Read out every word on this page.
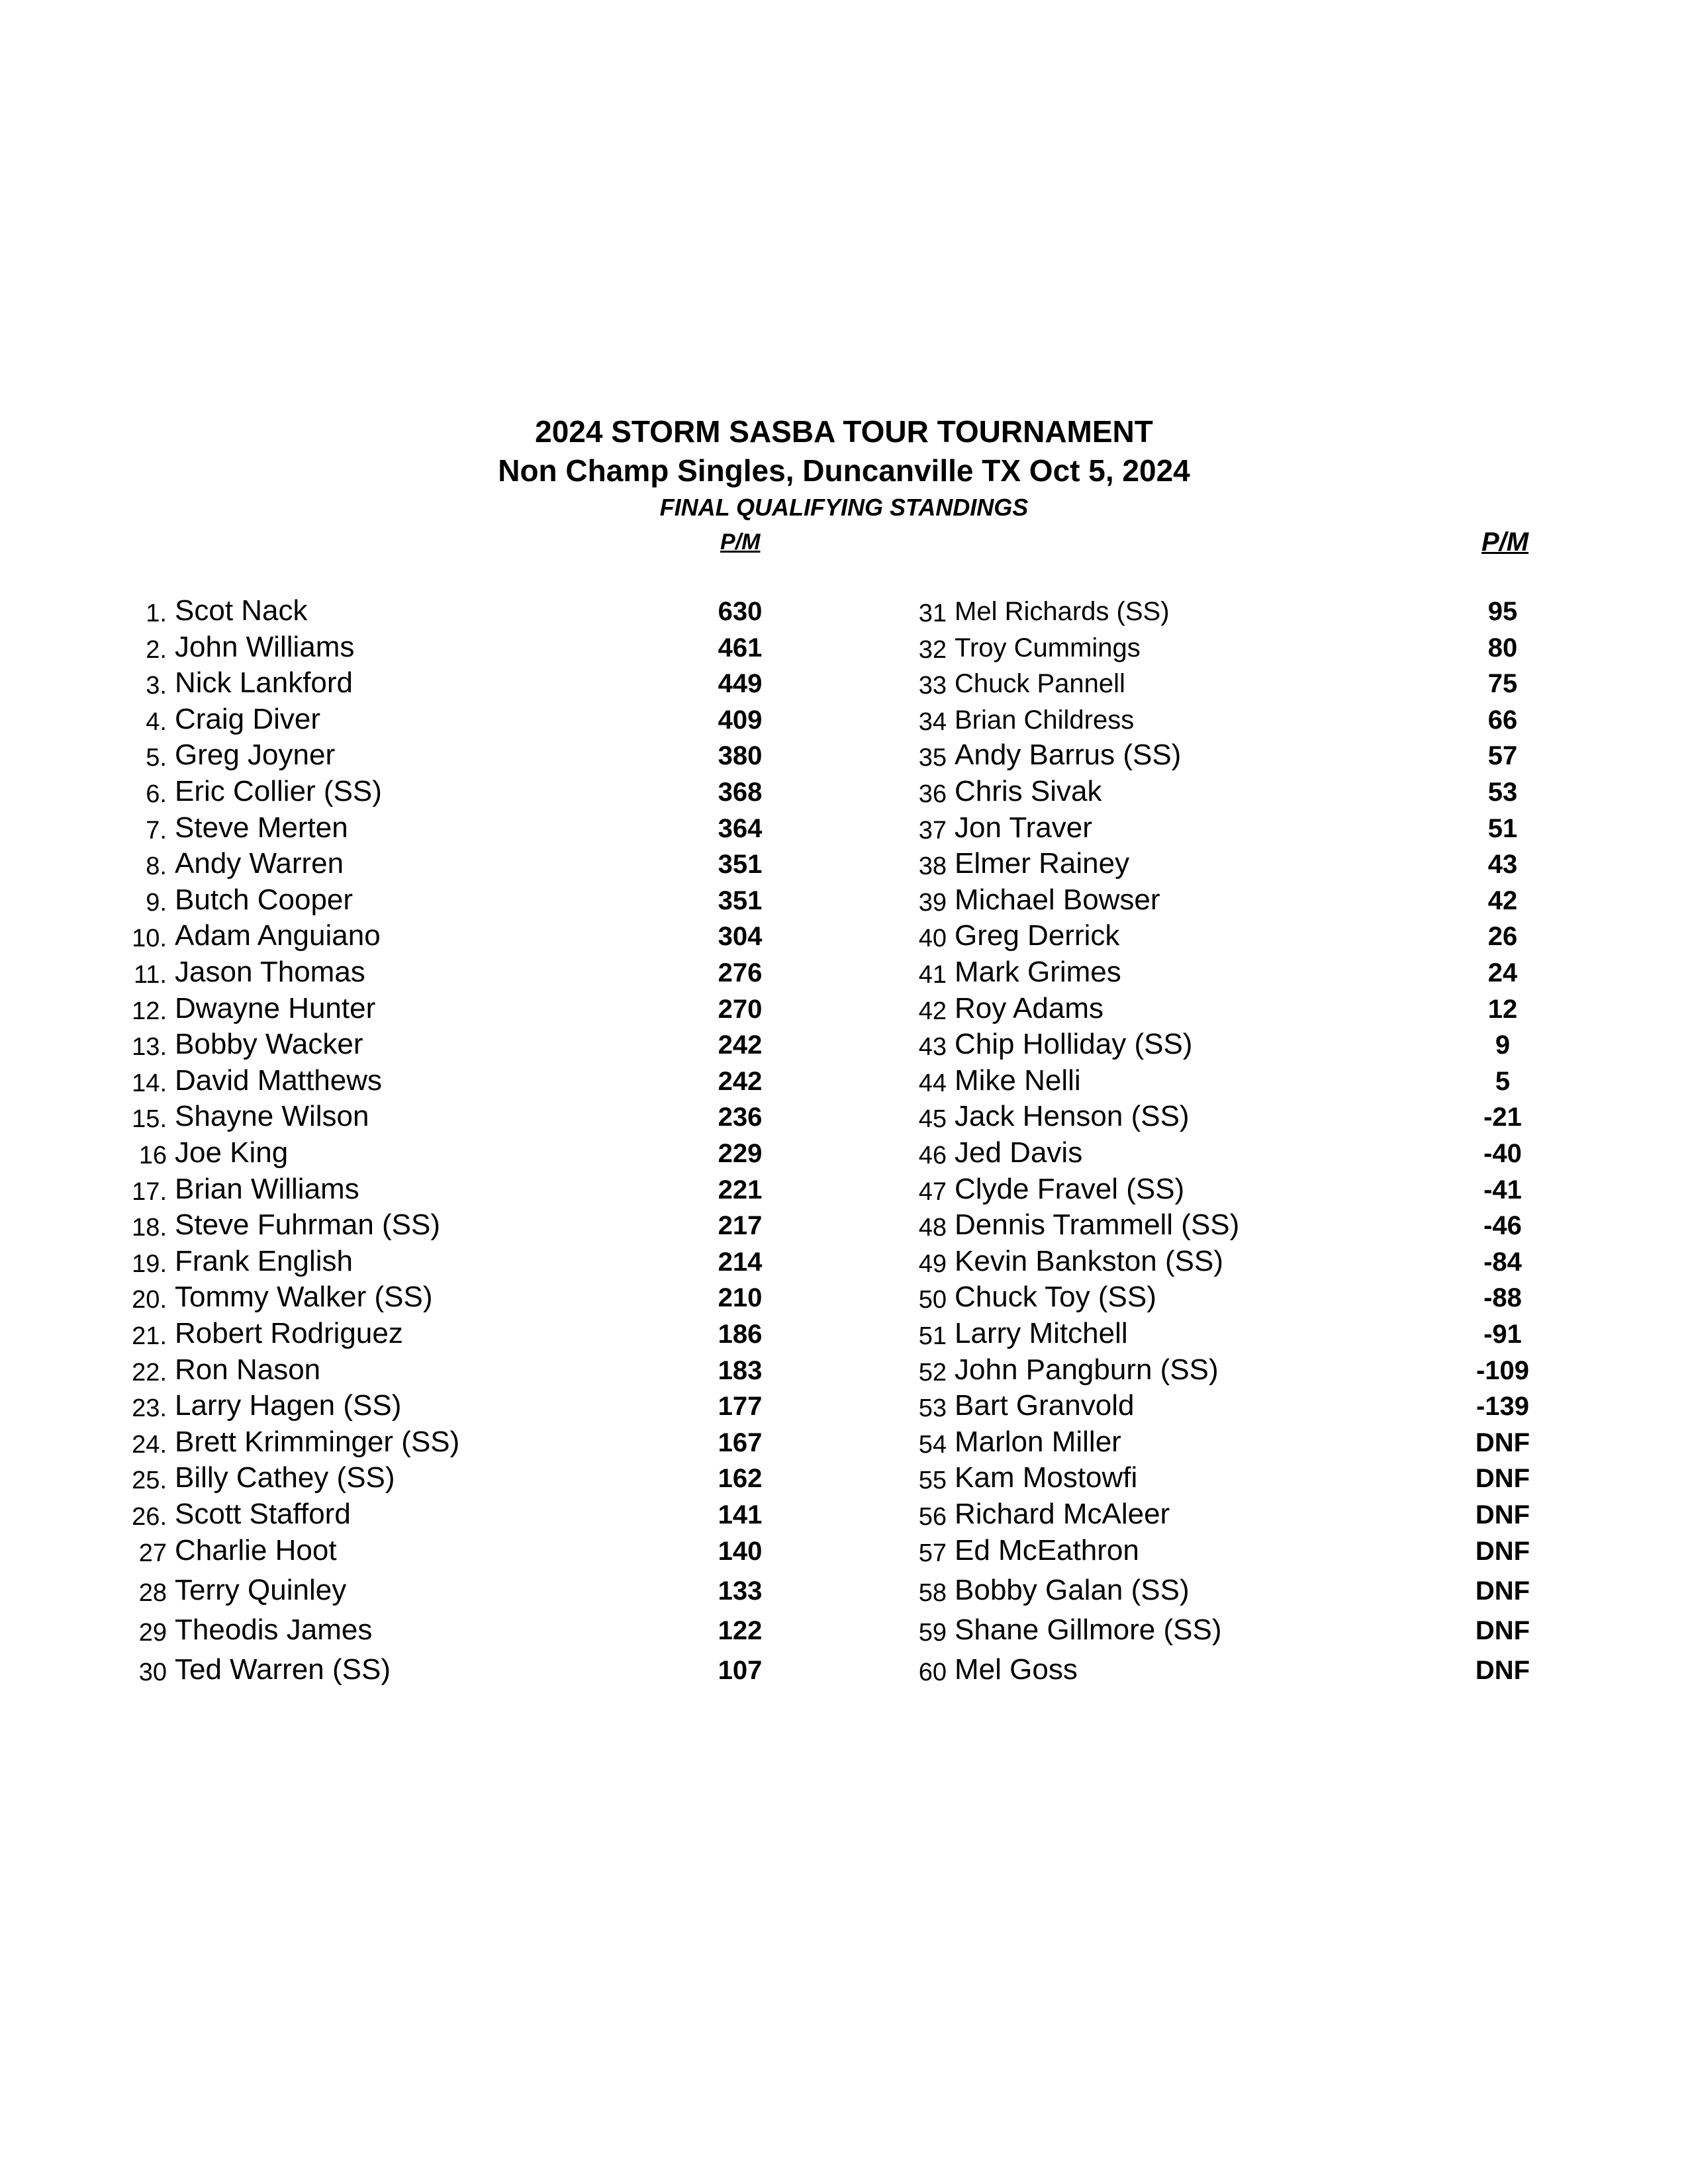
2024 STORM SASBA TOUR TOURNAMENT
Non Champ Singles, Duncanville TX Oct 5, 2024
FINAL QUALIFYING STANDINGS
P/M	P/M
1. Scot Nack	630
2. John Williams	461
3. Nick Lankford	449
4. Craig Diver	409
5. Greg Joyner	380
6. Eric Collier (SS)	368
7. Steve Merten	364
8. Andy Warren	351
9. Butch Cooper	351
10. Adam Anguiano	304
11. Jason Thomas	276
12. Dwayne Hunter	270
13. Bobby Wacker	242
14. David Matthews	242
15. Shayne Wilson	236
16 Joe King	229
17. Brian Williams	221
18. Steve Fuhrman (SS)	217
19. Frank English	214
20. Tommy Walker (SS)	210
21. Robert Rodriguez	186
22. Ron Nason	183
23. Larry Hagen (SS)	177
24. Brett Krimminger (SS)	167
25. Billy Cathey (SS)	162
26. Scott Stafford	141
27 Charlie Hoot	140
28 Terry Quinley	133
29 Theodis James	122
30 Ted Warren (SS)	107
31 Mel Richards (SS)	95
32 Troy Cummings	80
33 Chuck Pannell	75
34 Brian Childress	66
35 Andy Barrus (SS)	57
36 Chris Sivak	53
37 Jon Traver	51
38 Elmer Rainey	43
39 Michael Bowser	42
40 Greg Derrick	26
41 Mark Grimes	24
42 Roy Adams	12
43 Chip Holliday (SS)	9
44 Mike Nelli	5
45 Jack Henson (SS)	-21
46 Jed Davis	-40
47 Clyde Fravel (SS)	-41
48 Dennis Trammell (SS)	-46
49 Kevin Bankston (SS)	-84
50 Chuck Toy (SS)	-88
51 Larry Mitchell	-91
52 John Pangburn (SS)	-109
53 Bart Granvold	-139
54 Marlon Miller	DNF
55 Kam Mostowfi	DNF
56 Richard McAleer	DNF
57 Ed McEathron	DNF
58 Bobby Galan (SS)	DNF
59 Shane Gillmore (SS)	DNF
60 Mel Goss	DNF
